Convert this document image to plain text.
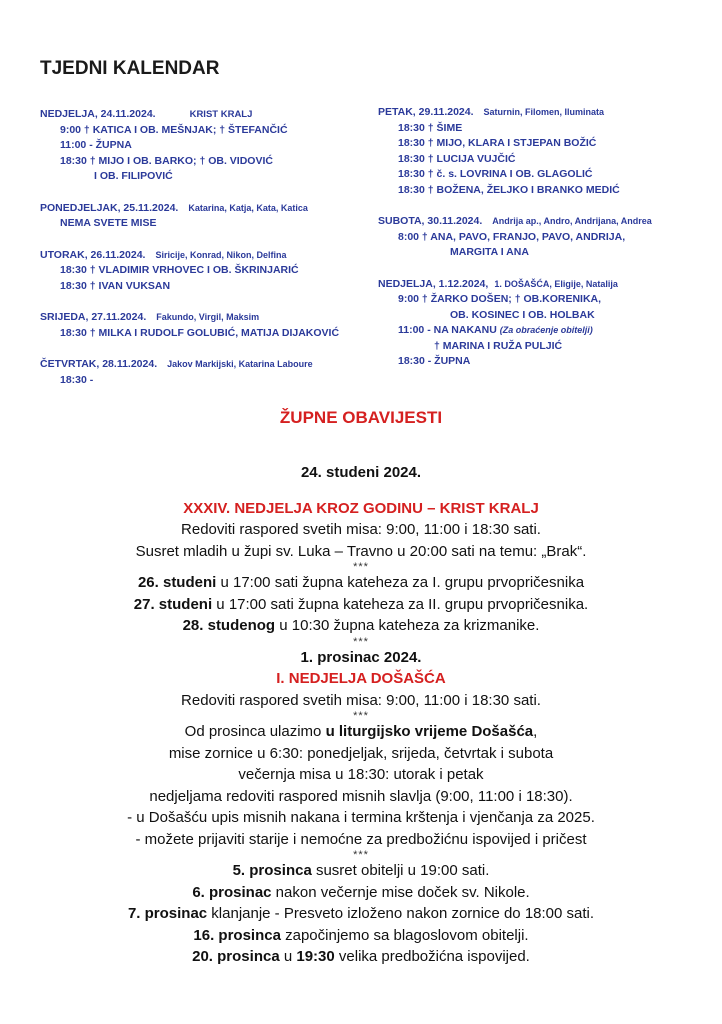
TJEDNI KALENDAR
NEDJELJA, 24.11.2024.	KRIST KRALJ
9:00 † KATICA I OB. MEŠNJAK; † ŠTEFANČIĆ
11:00 - ŽUPNA
18:30 † MIJO I OB. BARKO; † OB. VIDOVIĆ
I OB. FILIPOVIĆ
PONEDJELJAK, 25.11.2024. Katarina, Katja, Kata, Katica
NEMA SVETE MISE
UTORAK, 26.11.2024. Siricije, Konrad, Nikon, Delfina
18:30 † VLADIMIR VRHOVEC I OB. ŠKRINJARIĆ
18:30 † IVAN VUKSAN
SRIJEDA, 27.11.2024. Fakundo, Virgil, Maksim
18:30 † MILKA I RUDOLF GOLUBIĆ, MATIJA DIJAKOVIĆ
ČETVRTAK, 28.11.2024. Jakov Markijski, Katarina Laboure
18:30 -
PETAK, 29.11.2024. Saturnin, Filomen, Iluminata
18:30 † ŠIME
18:30 † MIJO, KLARA I STJEPAN BOŽIĆ
18:30 † LUCIJA VUJČIĆ
18:30 † č. s. LOVRINA I OB. GLAGOLIĆ
18:30 † BOŽENA, ŽELJKO I BRANKO MEDIĆ
SUBOTA, 30.11.2024. Andrija ap., Andro, Andrijana, Andrea
8:00 † ANA, PAVO, FRANJO, PAVO, ANDRIJA,
MARGITA I ANA
NEDJELJA, 1.12.2024, 1. DOŠAŠĆA, Eligije, Natalija
9:00 † ŽARKO DOŠEN; † OB.KORENIKA,
OB. KOSINEC I OB. HOLBAK
11:00 - NA NAKANU (Za obraćenje obitelji)
† MARINA I RUŽA PULJIĆ
18:30 - ŽUPNA
ŽUPNE OBAVIJESTI
24. studeni 2024.
XXXIV. NEDJELJA KROZ GODINU – KRIST KRALJ
Redoviti raspored svetih misa: 9:00, 11:00 i 18:30 sati.
Susret mladih u župi sv. Luka – Travno u 20:00 sati na temu: „Brak“.
***
26. studeni u 17:00 sati župna kateheza za I. grupu prvopričesnika
27. studeni u 17:00 sati župna kateheza za II. grupu prvopričesnika.
28. studenog u 10:30 župna kateheza za krizmanike.
***
1. prosinac 2024.
I. NEDJELJA DOŠAŠĆA
Redoviti raspored svetih misa: 9:00, 11:00 i 18:30 sati.
***
Od prosinca ulazimo u liturgijsko vrijeme Došašća,
mise zornice u 6:30: ponedjeljak, srijeda, četvrtak i subota
večernja misa u 18:30: utorak i petak
nedjeljama redoviti raspored misnih slavlja (9:00, 11:00 i 18:30).
- u Došašću upis misnih nakana i termina krštenja i vjenčanja za 2025.
- možete prijaviti starije i nemoćne za predbožićnu ispovijed i pričest
***
5. prosinca susret obitelji u 19:00 sati.
6. prosinac nakon večernje mise doček sv. Nikole.
7. prosinac klanjanje - Presveto izloženo nakon zornice do 18:00 sati.
16. prosinca započinjemo sa blagoslovom obitelji.
20. prosinca u 19:30 velika predbožićna ispovijed.
